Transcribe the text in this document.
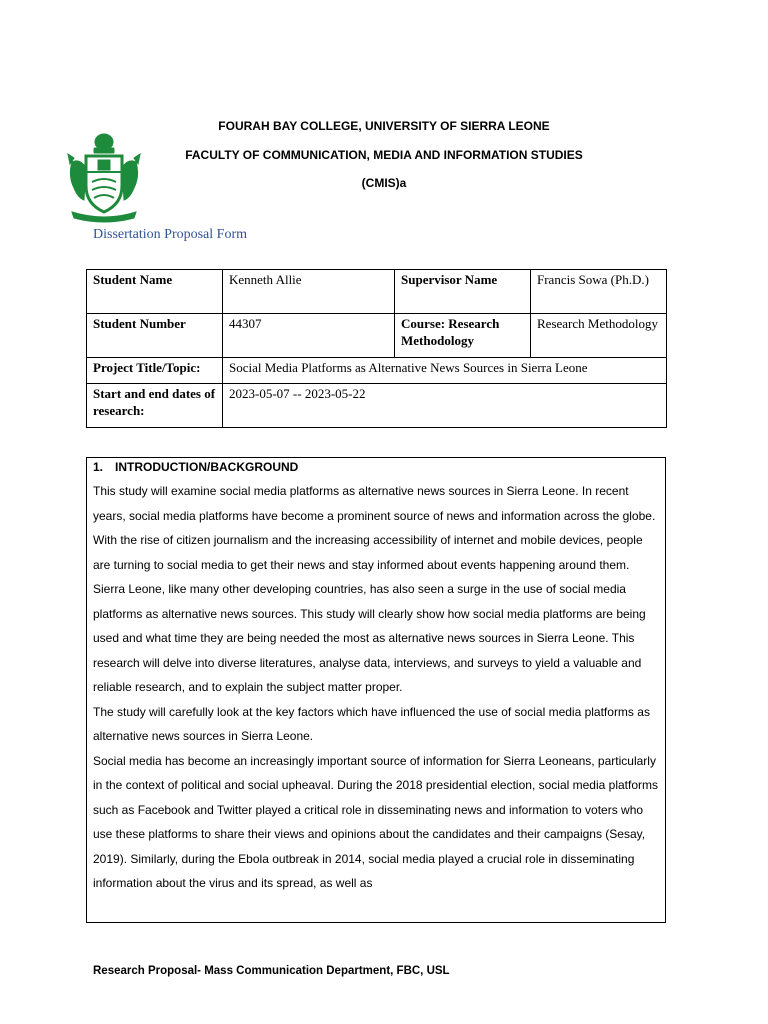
FOURAH BAY COLLEGE, UNIVERSITY OF SIERRA LEONE
FACULTY OF COMMUNICATION, MEDIA AND INFORMATION STUDIES
(CMIS)a
Dissertation Proposal Form
Student Name	Kenneth Allie	Supervisor Name	Francis Sowa (Ph.D.)
Student Number	44307	Course: Research Methodology	Research Methodology
Project Title/Topic:	Social Media Platforms as Alternative News Sources in Sierra Leone		
Start and end dates of research:	2023-05-07 -- 2023-05-22		
1. INTRODUCTION/BACKGROUND

This study will examine social media platforms as alternative news sources in Sierra Leone. In recent years, social media platforms have become a prominent source of news and information across the globe. With the rise of citizen journalism and the increasing accessibility of internet and mobile devices, people are turning to social media to get their news and stay informed about events happening around them. Sierra Leone, like many other developing countries, has also seen a surge in the use of social media platforms as alternative news sources. This study will clearly show how social media platforms are being used and what time they are being needed the most as alternative news sources in Sierra Leone. This research will delve into diverse literatures, analyse data, interviews, and surveys to yield a valuable and reliable research, and to explain the subject matter proper.

The study will carefully look at the key factors which have influenced the use of social media platforms as alternative news sources in Sierra Leone.

Social media has become an increasingly important source of information for Sierra Leoneans, particularly in the context of political and social upheaval. During the 2018 presidential election, social media platforms such as Facebook and Twitter played a critical role in disseminating news and information to voters who use these platforms to share their views and opinions about the candidates and their campaigns (Sesay, 2019). Similarly, during the Ebola outbreak in 2014, social media played a crucial role in disseminating information about the virus and its spread, as well as

Research Proposal- Mass Communication Department, FBC, USL
